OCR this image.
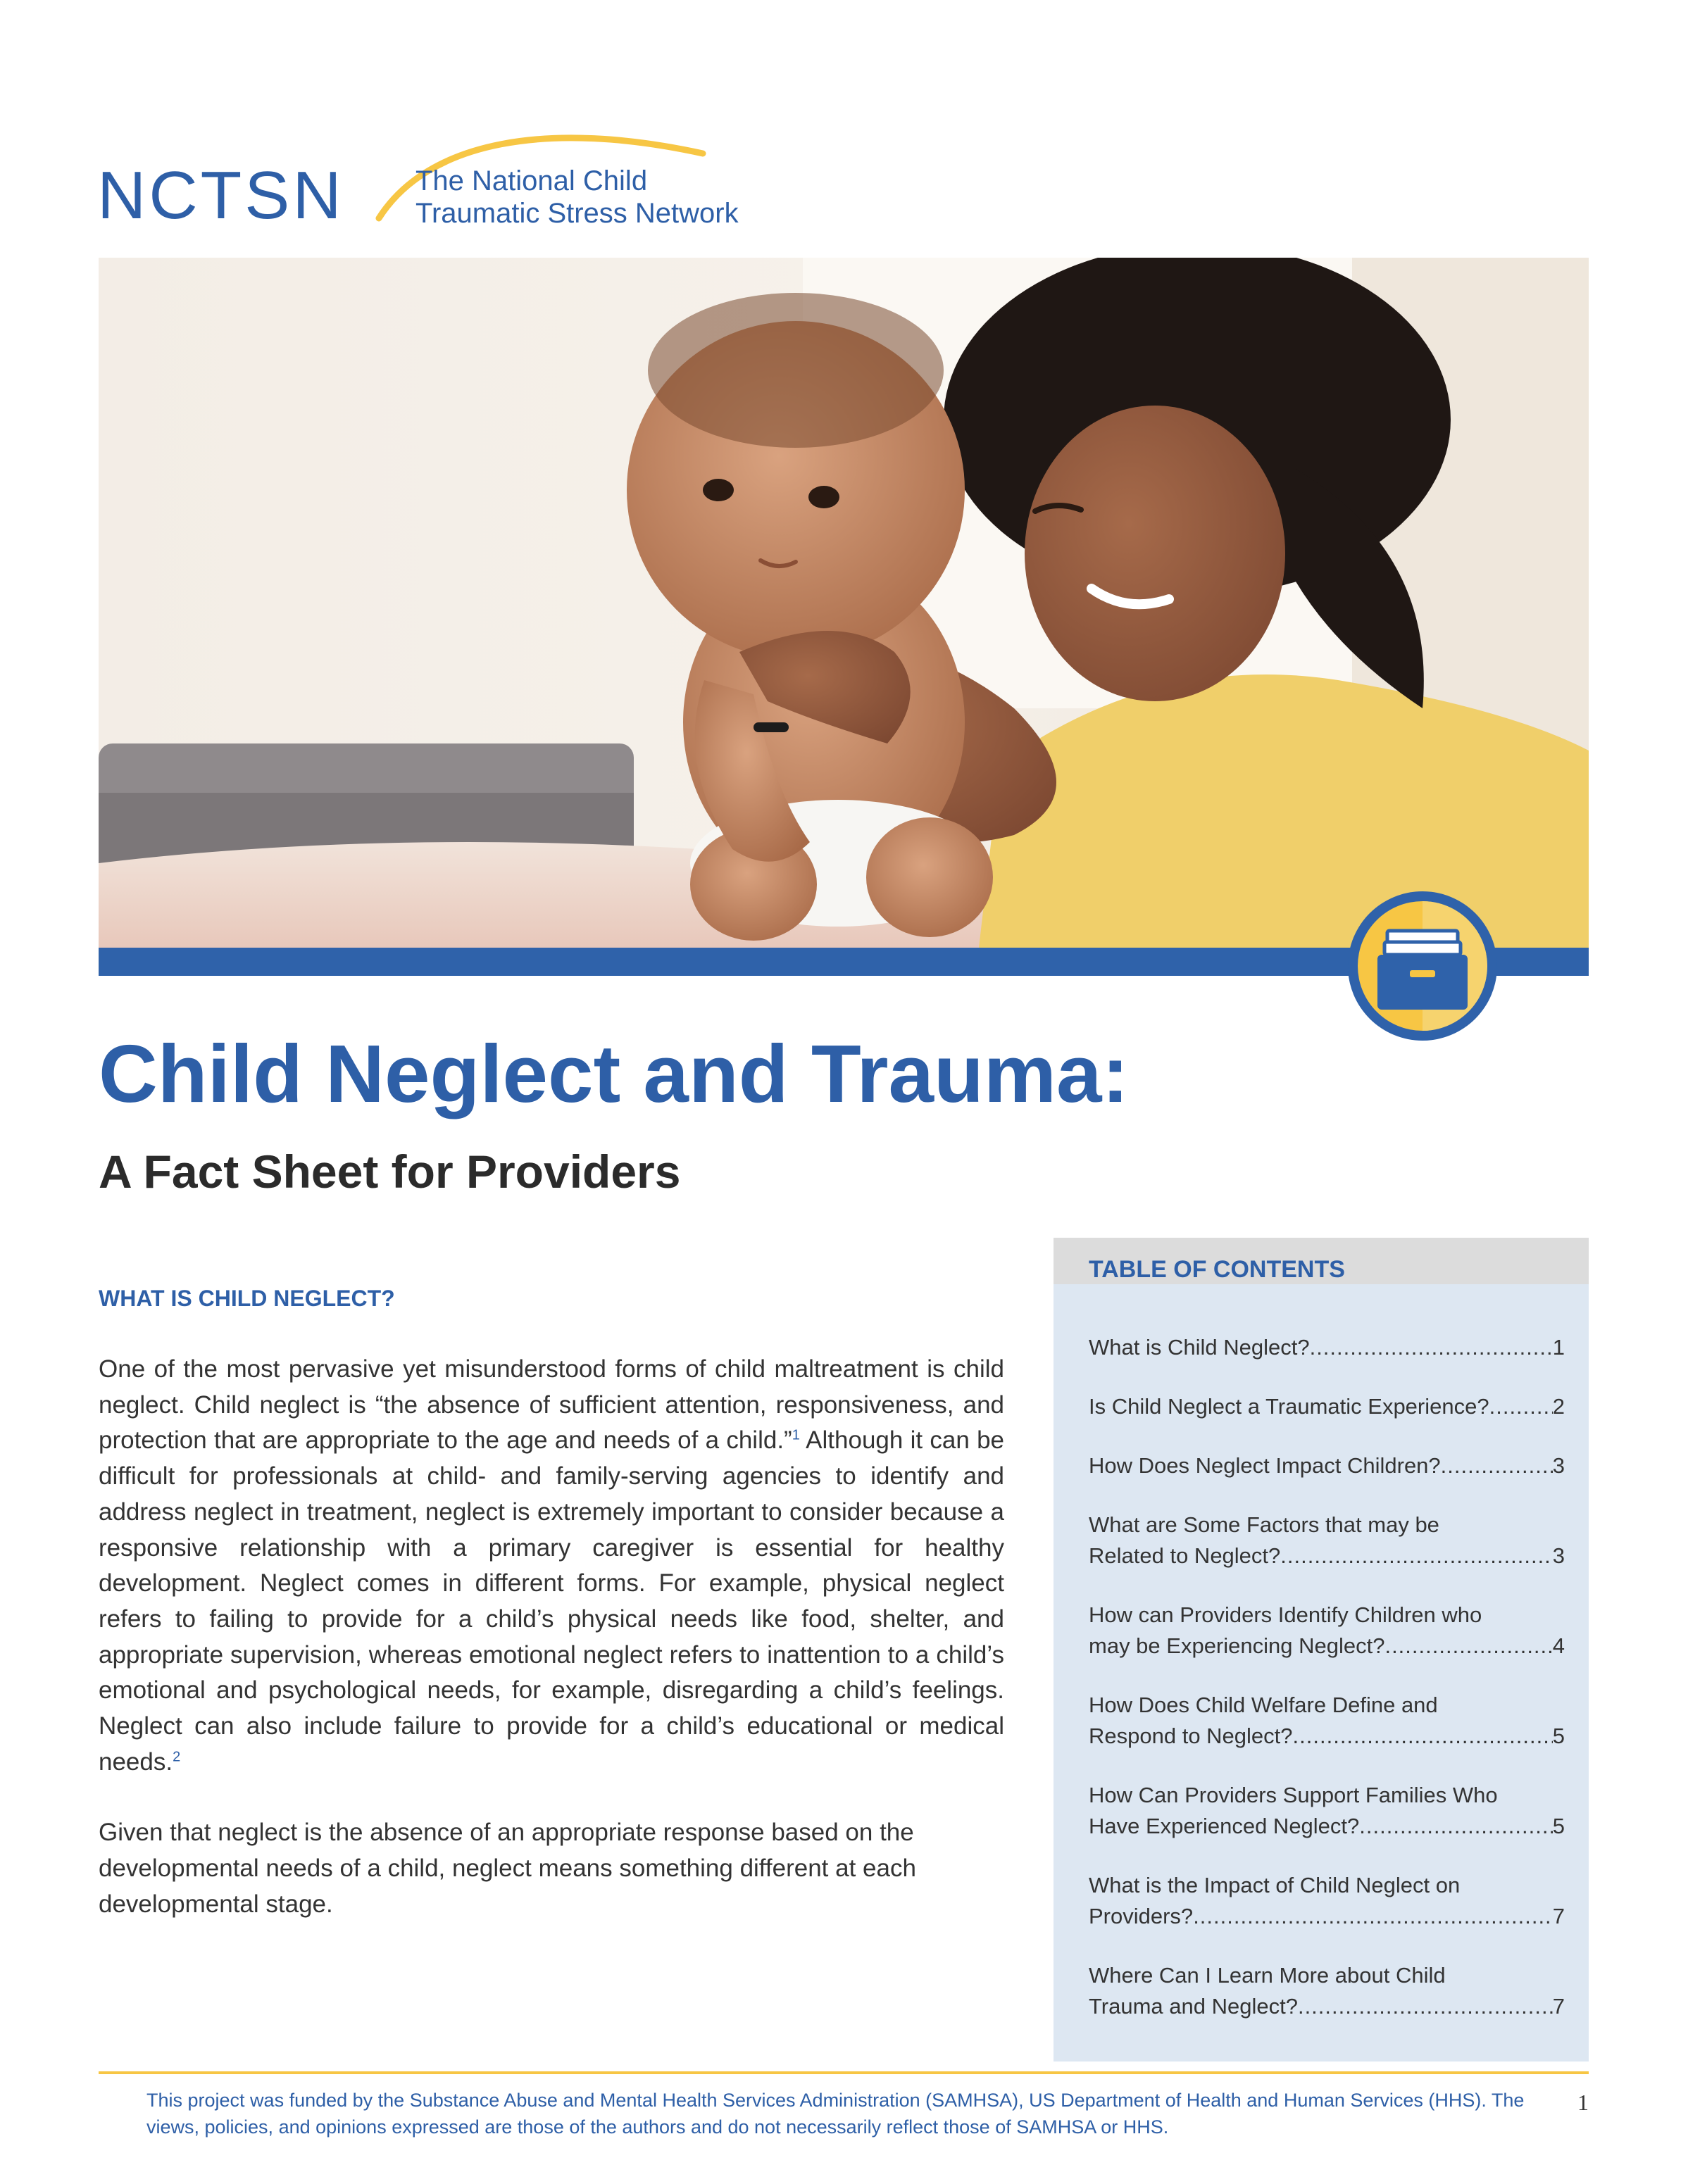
NCTSN	The National Child
Traumatic Stress Network
Child Neglect and Trauma:
A Fact Sheet for Providers
WHAT IS CHILD NEGLECT?

One of the most pervasive yet misunderstood forms of child maltreatment is child neglect. Child neglect is “the absence of sufficient attention, responsiveness, and protection that are appropriate to the age and needs of a child.”$^1$ Although it can be difficult for professionals at child- and family-serving agencies to identify and address neglect in treatment, neglect is extremely important to consider because a responsive relationship with a primary caregiver is essential for healthy development. Neglect comes in different forms. For example, physical neglect refers to failing to provide for a child’s physical needs like food, shelter, and appropriate supervision, whereas emotional neglect refers to inattention to a child’s emotional and psychological needs, for example, disregarding a child’s feelings. Neglect can also include failure to provide for a child’s educational or medical needs.$^2$

Given that neglect is the absence of an appropriate response based on the developmental needs of a child, neglect means something different at each developmental stage.

TABLE OF CONTENTS
What is Child Neglect? .....	1
Is Child Neglect a Traumatic Experience? .....	2
How Does Neglect Impact Children? .....	3
What are Some Factors that may be
Related to Neglect? .....	3
How can Providers Identify Children who
may be Experiencing Neglect? .....	4
How Does Child Welfare Define and
Respond to Neglect? .....	5
How Can Providers Support Families Who
Have Experienced Neglect? .....	5
What is the Impact of Child Neglect on
Providers? .....	7
Where Can I Learn More about Child
Trauma and Neglect? .....	7
This project was funded by the Substance Abuse and Mental Health Services Administration (SAMHSA), US Department of Health and Human Services (HHS). The views, policies, and opinions expressed are those of the authors and do not necessarily reflect those of SAMHSA or HHS.
1
